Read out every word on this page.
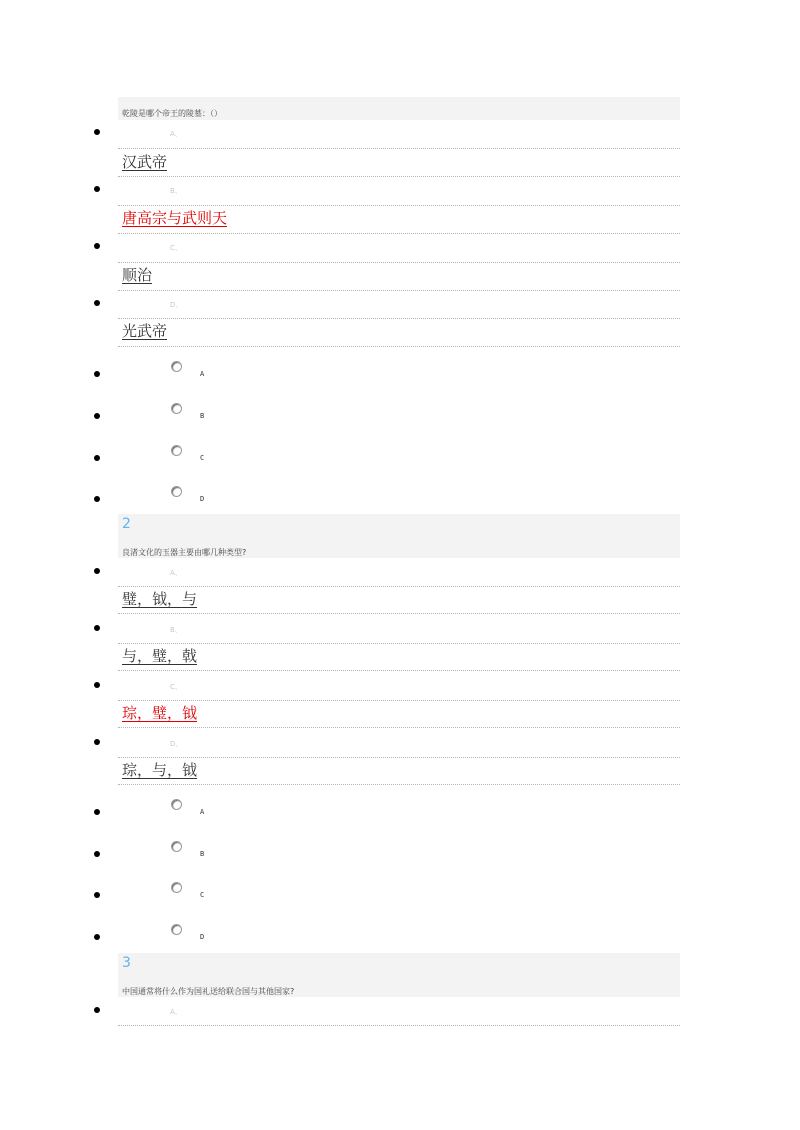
乾陵是哪个帝王的陵墓：（）
A、
汉武帝
B、
唐高宗与武则天
C、
顺治
D、
光武帝
A
B
C
D
2
良渚文化的玉器主要由哪几种类型?
A、
璧，钺，与
B、
与，璧，戟
C、
琮，璧，钺
D、
琮，与，钺
A
B
C
D
3
中国通常将什么作为国礼送给联合国与其他国家?
A、
